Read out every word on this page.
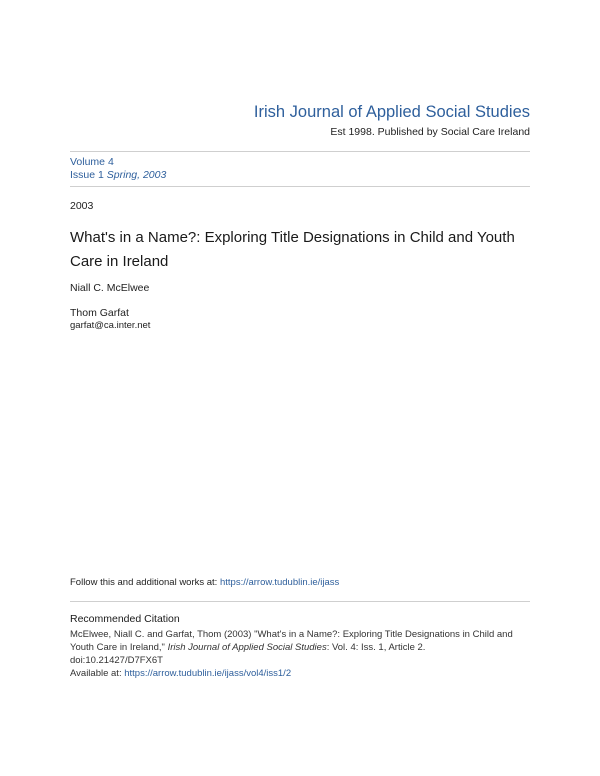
Irish Journal of Applied Social Studies
Est 1998. Published by Social Care Ireland
Volume 4
Issue 1 Spring, 2003
2003
What's in a Name?: Exploring Title Designations in Child and Youth Care in Ireland
Niall C. McElwee
Thom Garfat
garfat@ca.inter.net
Follow this and additional works at: https://arrow.tudublin.ie/ijass
Recommended Citation
McElwee, Niall C. and Garfat, Thom (2003) "What's in a Name?: Exploring Title Designations in Child and Youth Care in Ireland," Irish Journal of Applied Social Studies: Vol. 4: Iss. 1, Article 2.
doi:10.21427/D7FX6T
Available at: https://arrow.tudublin.ie/ijass/vol4/iss1/2
